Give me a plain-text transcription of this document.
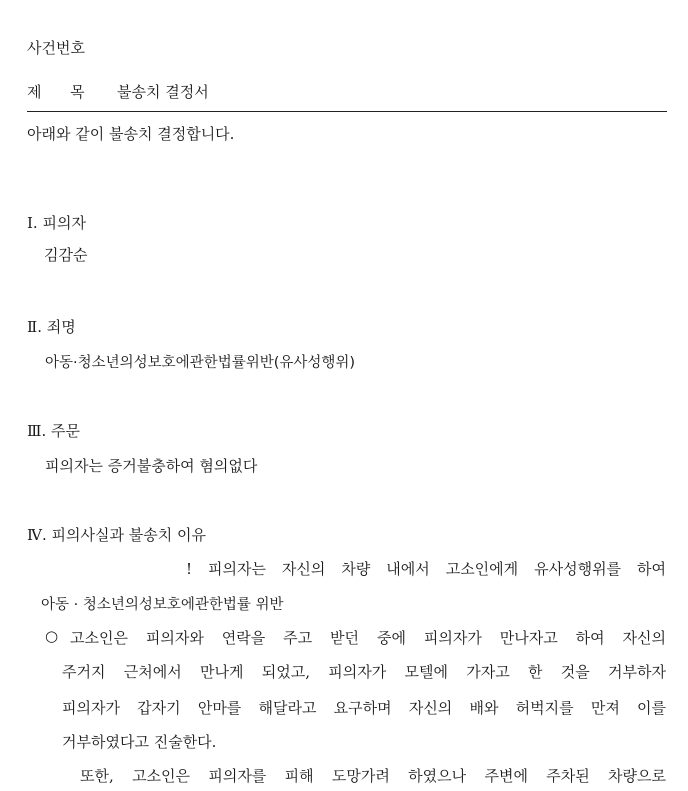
사건번호
제      목 불송치 결정서
아래와 같이 불송치 결정합니다.
Ⅰ. 피의자
김감순
Ⅱ. 죄명
아동·청소년의성보호에관한법률위반(유사성행위)
Ⅲ. 주문
피의자는 증거불충하여 혐의없다
Ⅳ. 피의사실과 불송치 이유
! 피의자는 자신의 차량 내에서 고소인에게 유사성행위를 하여
아동 · 청소년의성보호에관한법률 위반
○ 고소인은 피의자와 연락을 주고 받던 중에 피의자가 만나자고 하여 자신의
주거지 근처에서 만나게 되었고, 피의자가 모텔에 가자고 한 것을 거부하자
피의자가 갑자기 안마를 해달라고 요구하며 자신의 배와 허벅지를 만져 이를
거부하였다고 진술한다.
또한, 고소인은 피의자를 피해 도망가려 하였으나 주변에 주차된 차량으로
